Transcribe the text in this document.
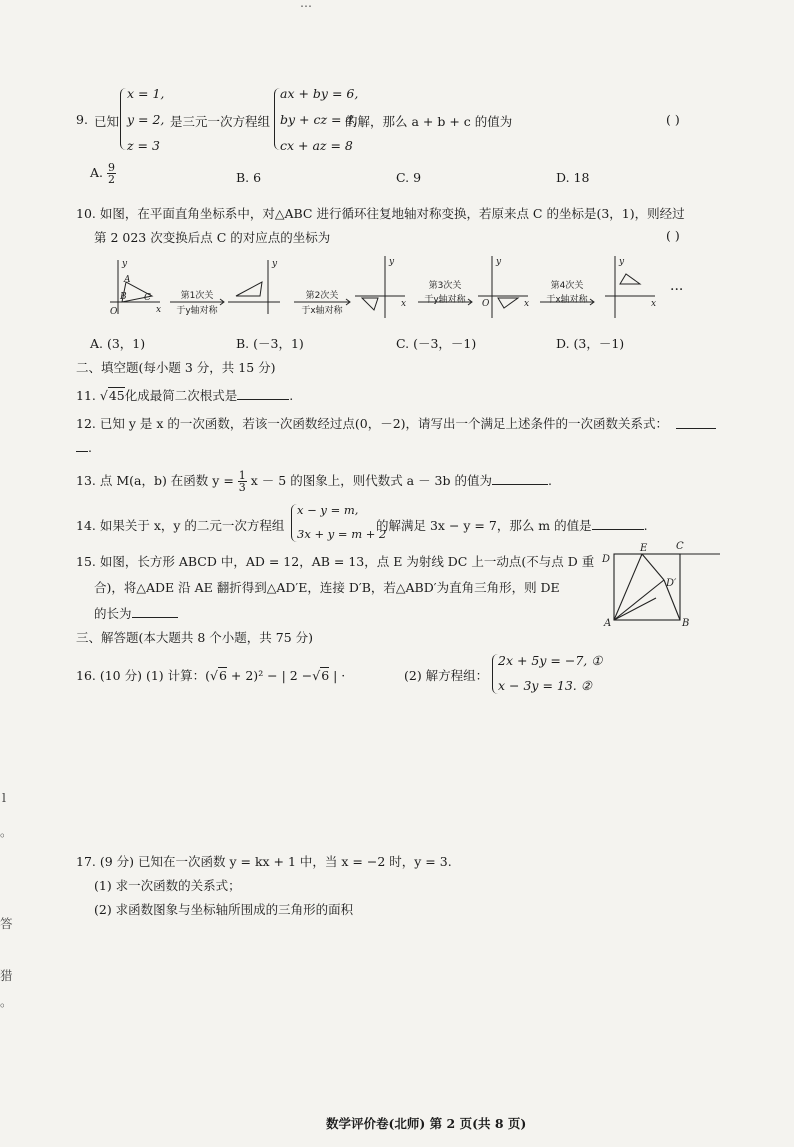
…
9. 已知
x = 1,
y = 2,
z = 3
是三元一次方程组
ax + by = 6,
by + cz = 4,
cx + az = 8
的解，那么 a + b + c 的值为	( )
A. $\frac{9}{2}$	B. 6	C. 9	D. 18
10. 如图，在平面直角坐标系中，对△ABC 进行循环往复地轴对称变换，若原来点 C 的坐标是(3，1)，则经过
第 2 023 次变换后点 C 的对应点的坐标为	( )
y
x
O
A
B C
y	y
x
y
O	x
y
x
第1次关
于y轴对称
第2次关
于x轴对称
第3次关
于y轴对称
第4次关
于x轴对称
···
A. (3，1)	B. (－3，1)	C. (－3，－1)	D. (3，－1)
二、填空题(每小题 3 分，共 15 分)
11. √45化成最简二次根式是	.
12. 已知 y 是 x 的一次函数，若该一次函数经过点(0，－2)，请写出一个满足上述条件的一次函数关系式：
.
13. 点 M(a，b) 在函数 $y = \frac{1}{3}$ x － 5 的图象上，则代数式 a － 3b 的值为	.
14. 如果关于 x，y 的二元一次方程组
x − y = m,
3x + y = m + 2
的解满足 3x − y = 7，那么 m 的值是	.
15. 如图，长方形 ABCD 中，AD = 12，AB = 13，点 E 为射线 DC 上一动点(不与点 D 重
合)，将△ADE 沿 AE 翻折得到△AD′E，连接 D′B，若△ABD′为直角三角形，则 DE
的长为
D
E	C
D′
A	B
三、解答题(本大题共 8 个小题，共 75 分)
16. (10 分) (1) 计算：(√6 + 2)² − | 2 −√6 | ·	(2) 解方程组：
2x + 5y = −7, ①
x − 3y = 13. ②
l
。
答
猎
。
17. (9 分) 已知在一次函数 y = kx + 1 中，当 x = −2 时，y = 3.
(1) 求一次函数的关系式；
(2) 求函数图象与坐标轴所围成的三角形的面积
数学评价卷(北师) 第 2 页(共 8 页)
